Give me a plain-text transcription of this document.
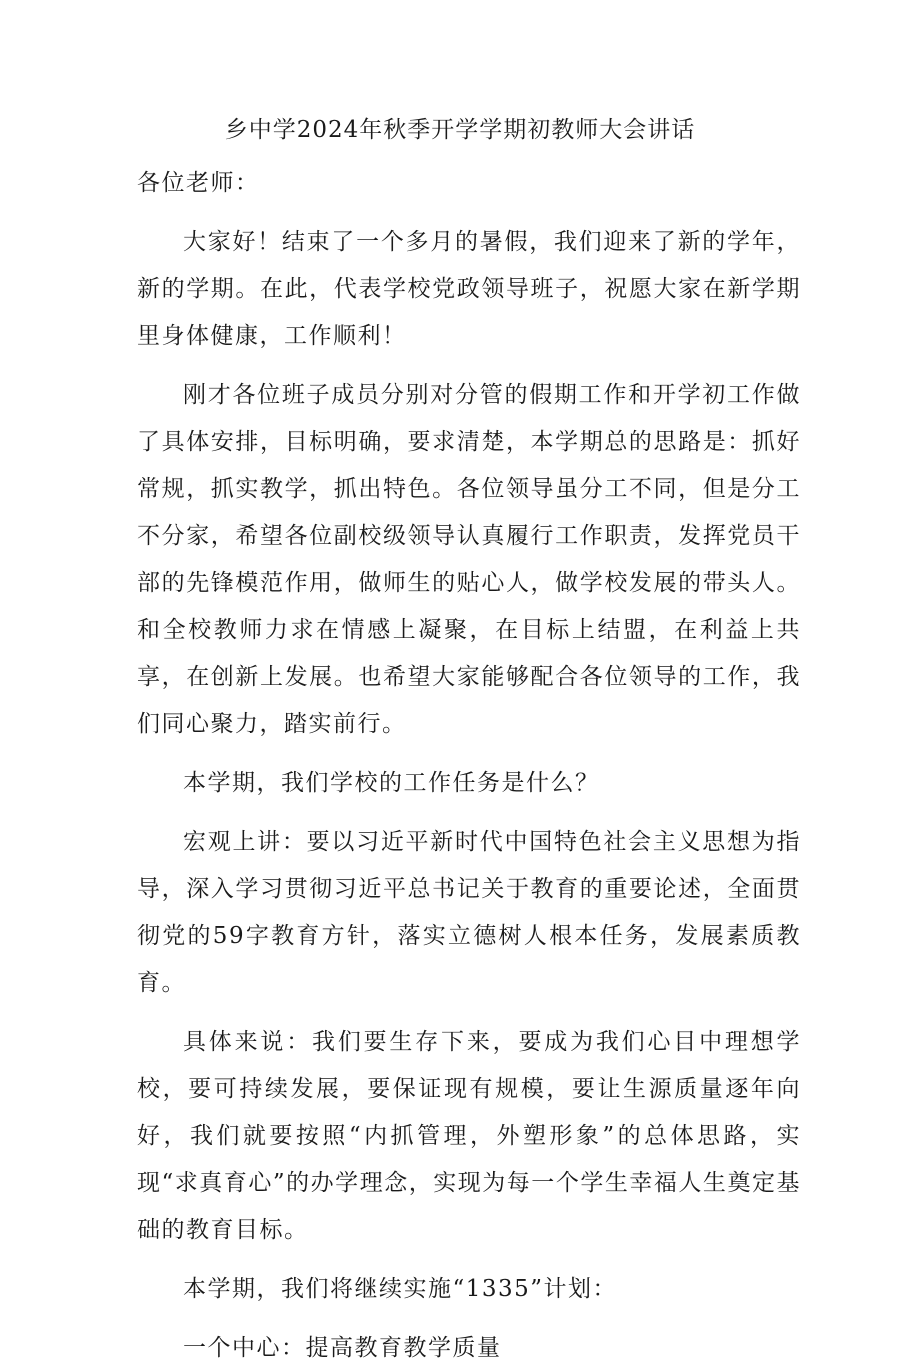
乡中学2024年秋季开学学期初教师大会讲话

各位老师：

大家好！结束了一个多月的暑假，我们迎来了新的学年，新的学期。在此，代表学校党政领导班子，祝愿大家在新学期里身体健康，工作顺利！

刚才各位班子成员分别对分管的假期工作和开学初工作做了具体安排，目标明确，要求清楚，本学期总的思路是：抓好常规，抓实教学，抓出特色。各位领导虽分工不同，但是分工不分家，希望各位副校级领导认真履行工作职责，发挥党员干部的先锋模范作用，做师生的贴心人，做学校发展的带头人。和全校教师力求在情感上凝聚，在目标上结盟，在利益上共享，在创新上发展。也希望大家能够配合各位领导的工作，我们同心聚力，踏实前行。

本学期，我们学校的工作任务是什么？

宏观上讲：要以习近平新时代中国特色社会主义思想为指导，深入学习贯彻习近平总书记关于教育的重要论述，全面贯彻党的59字教育方针，落实立德树人根本任务，发展素质教育。

具体来说：我们要生存下来，要成为我们心目中理想学校，要可持续发展，要保证现有规模，要让生源质量逐年向好，我们就要按照“内抓管理，外塑形象”的总体思路，实现“求真育心”的办学理念，实现为每一个学生幸福人生奠定基础的教育目标。

本学期，我们将继续实施“1335”计划：

一个中心：提高教育教学质量
